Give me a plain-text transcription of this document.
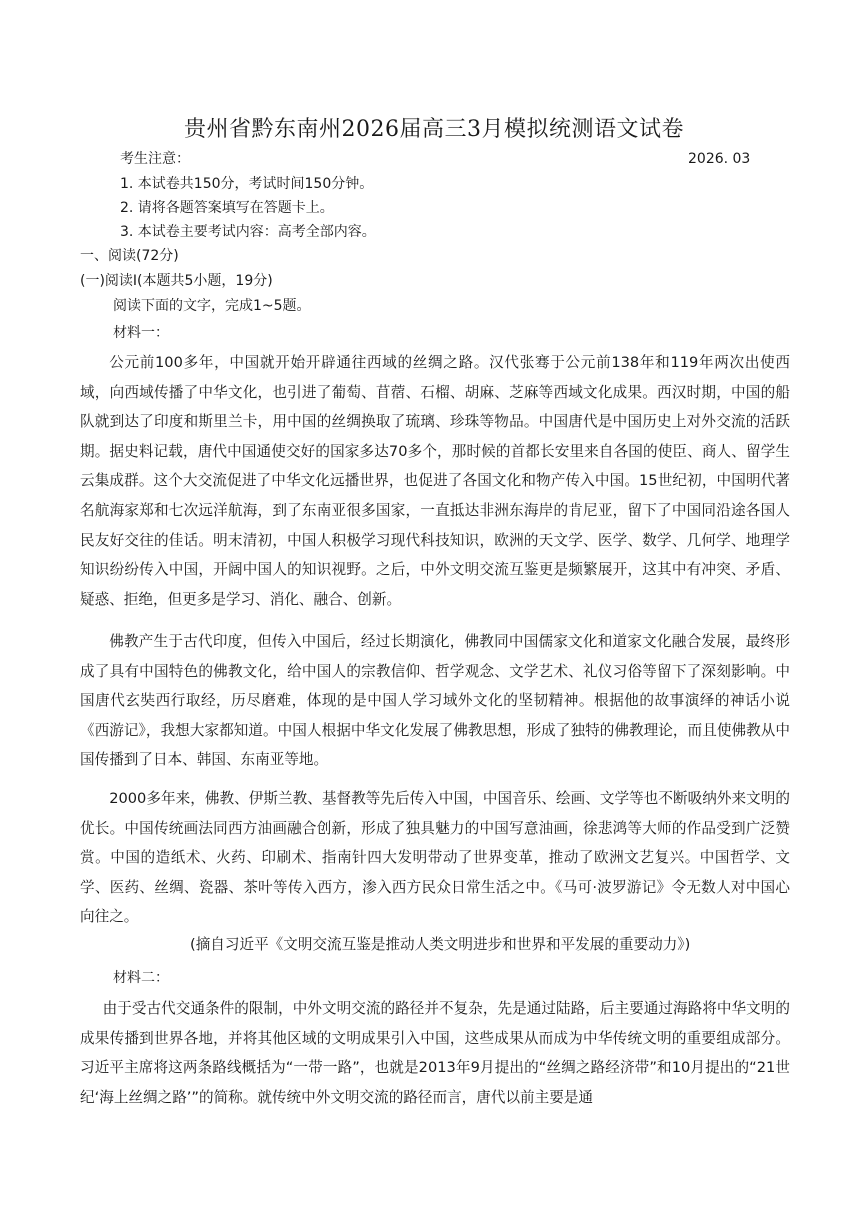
贵州省黔东南州2026届高三3月模拟统测语文试卷
考生注意：	2026. 03
1. 本试卷共150分，考试时间150分钟。
2. 请将各题答案填写在答题卡上。
3. 本试卷主要考试内容：高考全部内容。
一、阅读(72分)
(一)阅读Ⅰ(本题共5小题，19分)
阅读下面的文字，完成1~5题。
材料一：

公元前100多年，中国就开始开辟通往西域的丝绸之路。汉代张骞于公元前138年和119年两次出使西域，向西域传播了中华文化，也引进了葡萄、苜蓿、石榴、胡麻、芝麻等西域文化成果。西汉时期，中国的船队就到达了印度和斯里兰卡，用中国的丝绸换取了琉璃、珍珠等物品。中国唐代是中国历史上对外交流的活跃期。据史料记载，唐代中国通使交好的国家多达70多个，那时候的首都长安里来自各国的使臣、商人、留学生云集成群。这个大交流促进了中华文化远播世界，也促进了各国文化和物产传入中国。15世纪初，中国明代著名航海家郑和七次远洋航海，到了东南亚很多国家，一直抵达非洲东海岸的肯尼亚，留下了中国同沿途各国人民友好交往的佳话。明末清初，中国人积极学习现代科技知识，欧洲的天文学、医学、数学、几何学、地理学知识纷纷传入中国，开阔中国人的知识视野。之后，中外文明交流互鉴更是频繁展开，这其中有冲突、矛盾、疑惑、拒绝，但更多是学习、消化、融合、创新。

佛教产生于古代印度，但传入中国后，经过长期演化，佛教同中国儒家文化和道家文化融合发展，最终形成了具有中国特色的佛教文化，给中国人的宗教信仰、哲学观念、文学艺术、礼仪习俗等留下了深刻影响。中国唐代玄奘西行取经，历尽磨难，体现的是中国人学习域外文化的坚韧精神。根据他的故事演绎的神话小说《西游记》，我想大家都知道。中国人根据中华文化发展了佛教思想，形成了独特的佛教理论，而且使佛教从中国传播到了日本、韩国、东南亚等地。

2000多年来，佛教、伊斯兰教、基督教等先后传入中国，中国音乐、绘画、文学等也不断吸纳外来文明的优长。中国传统画法同西方油画融合创新，形成了独具魅力的中国写意油画，徐悲鸿等大师的作品受到广泛赞赏。中国的造纸术、火药、印刷术、指南针四大发明带动了世界变革，推动了欧洲文艺复兴。中国哲学、文学、医药、丝绸、瓷器、茶叶等传入西方，渗入西方民众日常生活之中。《马可·波罗游记》令无数人对中国心向往之。

(摘自习近平《文明交流互鉴是推动人类文明进步和世界和平发展的重要动力》)
材料二：

由于受古代交通条件的限制，中外文明交流的路径并不复杂，先是通过陆路，后主要通过海路将中华文明的成果传播到世界各地，并将其他区域的文明成果引入中国，这些成果从而成为中华传统文明的重要组成部分。习近平主席将这两条路线概括为“一带一路”，也就是2013年9月提出的“丝绸之路经济带”和10月提出的“21世纪‘海上丝绸之路’”的简称。就传统中外文明交流的路径而言，唐代以前主要是通
